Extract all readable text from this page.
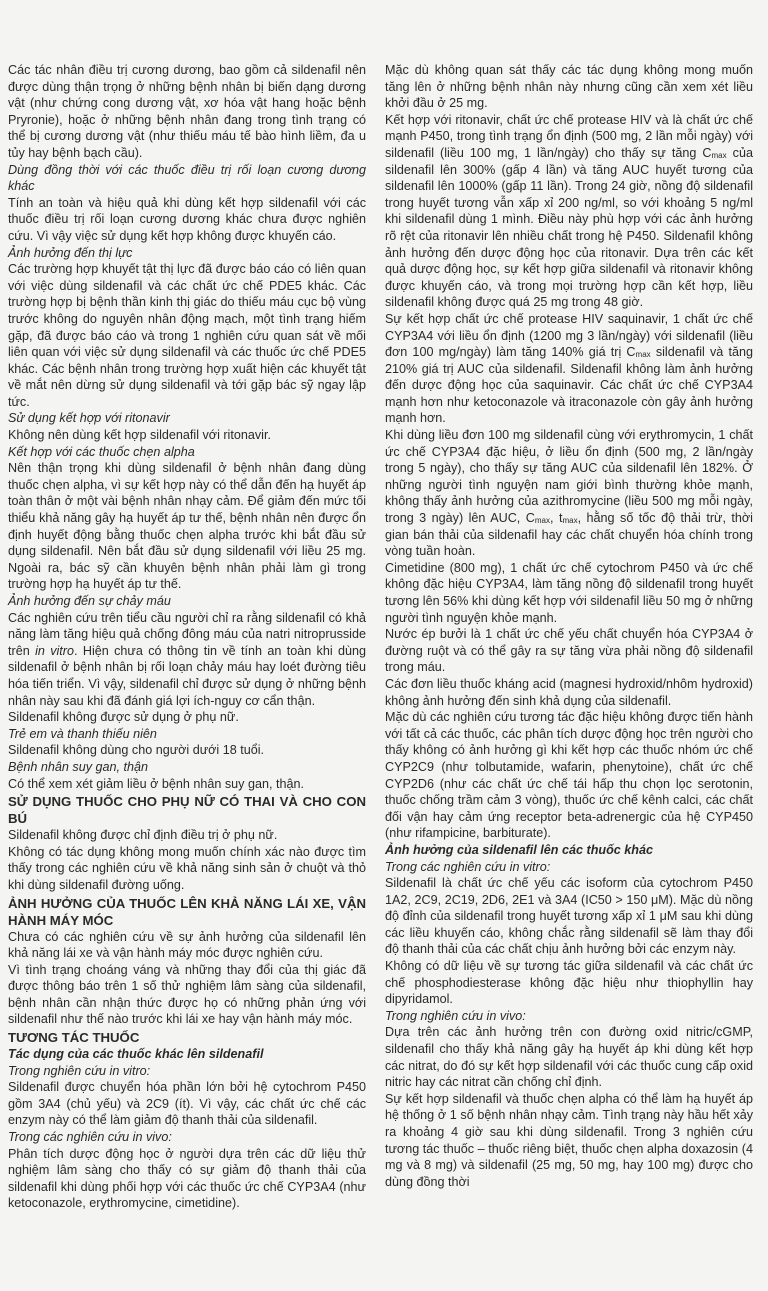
Các tác nhân điều trị cương dương, bao gồm cả sildenafil nên được dùng thận trọng ở những bệnh nhân bị biến dạng dương vật (như chứng cong dương vật, xơ hóa vật hang hoặc bệnh Pryronie), hoặc ở những bệnh nhân đang trong tình trạng có thể bị cương dương vật (như thiếu máu tế bào hình liềm, đa u tủy hay bệnh bạch cầu).

Dùng đồng thời với các thuốc điều trị rối loạn cương dương khác

Tính an toàn và hiệu quả khi dùng kết hợp sildenafil với các thuốc điều trị rối loạn cương dương khác chưa được nghiên cứu. Vì vậy việc sử dụng kết hợp không được khuyến cáo.

Ảnh hưởng đến thị lực

Các trường hợp khuyết tật thị lực đã được báo cáo có liên quan với việc dùng sildenafil và các chất ức chế PDE5 khác. Các trường hợp bị bệnh thần kinh thị giác do thiếu máu cục bộ vùng trước không do nguyên nhân động mạch, một tình trạng hiếm gặp, đã được báo cáo và trong 1 nghiên cứu quan sát về mối liên quan với việc sử dụng sildenafil và các thuốc ức chế PDE5 khác. Các bệnh nhân trong trường hợp xuất hiện các khuyết tật về mắt nên dừng sử dụng sildenafil và tới gặp bác sỹ ngay lập tức.

Sử dụng kết hợp với ritonavir

Không nên dùng kết hợp sildenafil với ritonavir.

Kết hợp với các thuốc chẹn alpha

Nên thận trọng khi dùng sildenafil ở bệnh nhân đang dùng thuốc chẹn alpha, vì sự kết hợp này có thể dẫn đến hạ huyết áp toàn thân ở một vài bệnh nhân nhạy cảm. Để giảm đến mức tối thiểu khả năng gây hạ huyết áp tư thế, bệnh nhân nên được ổn định huyết động bằng thuốc chẹn alpha trước khi bắt đầu sử dụng sildenafil. Nên bắt đầu sử dụng sildenafil với liều 25 mg. Ngoài ra, bác sỹ cần khuyên bệnh nhân phải làm gì trong trường hợp hạ huyết áp tư thế.

Ảnh hưởng đến sự chảy máu

Các nghiên cứu trên tiểu cầu người chỉ ra rằng sildenafil có khả năng làm tăng hiệu quả chống đông máu của natri nitroprusside trên in vitro. Hiện chưa có thông tin về tính an toàn khi dùng sildenafil ở bệnh nhân bị rối loạn chảy máu hay loét đường tiêu hóa tiến triển. Vì vậy, sildenafil chỉ được sử dụng ở những bệnh nhân này sau khi đã đánh giá lợi ích-nguy cơ cẩn thận.

Sildenafil không được sử dụng ở phụ nữ.

Trẻ em và thanh thiếu niên

Sildenafil không dùng cho người dưới 18 tuổi.

Bệnh nhân suy gan, thận

Có thể xem xét giảm liều ở bệnh nhân suy gan, thận.

SỬ DỤNG THUỐC CHO PHỤ NỮ CÓ THAI VÀ CHO CON BÚ

Sildenafil không được chỉ định điều trị ở phụ nữ.

Không có tác dụng không mong muốn chính xác nào được tìm thấy trong các nghiên cứu về khả năng sinh sản ở chuột và thỏ khi dùng sildenafil đường uống.

ẢNH HƯỞNG CỦA THUỐC LÊN KHẢ NĂNG LÁI XE, VẬN HÀNH MÁY MÓC

Chưa có các nghiên cứu về sự ảnh hưởng của sildenafil lên khả năng lái xe và vận hành máy móc được nghiên cứu.

Vì tình trạng choáng váng và những thay đổi của thị giác đã được thông báo trên 1 số thử nghiệm lâm sàng của sildenafil, bệnh nhân cần nhận thức được họ có những phản ứng với sildenafil như thế nào trước khi lái xe hay vận hành máy móc.

TƯƠNG TÁC THUỐC

Tác dụng của các thuốc khác lên sildenafil

Trong nghiên cứu in vitro:

Sildenafil được chuyển hóa phần lớn bởi hệ cytochrom P450 gồm 3A4 (chủ yếu) và 2C9 (ít). Vì vậy, các chất ức chế các enzym này có thể làm giảm độ thanh thải của sildenafil.

Trong các nghiên cứu in vivo:

Phân tích dược động học ở người dựa trên các dữ liệu thử nghiệm lâm sàng cho thấy có sự giảm độ thanh thải của sildenafil khi dùng phối hợp với các thuốc ức chế CYP3A4 (như ketoconazole, erythromycine, cimetidine).

Mặc dù không quan sát thấy các tác dụng không mong muốn tăng lên ở những bệnh nhân này nhưng cũng cần xem xét liều khởi đầu ở 25 mg.

Kết hợp với ritonavir, chất ức chế protease HIV và là chất ức chế mạnh P450, trong tình trạng ổn định (500 mg, 2 lần mỗi ngày) với sildenafil (liều 100 mg, 1 lần/ngày) cho thấy sự tăng $C_{max}$ của sildenafil lên 300% (gấp 4 lần) và tăng AUC huyết tương của sildenafil lên 1000% (gấp 11 lần). Trong 24 giờ, nồng độ sildenafil trong huyết tương vẫn xấp xỉ 200 ng/ml, so với khoảng 5 ng/ml khi sildenafil dùng 1 mình. Điều này phù hợp với các ảnh hưởng rõ rệt của ritonavir lên nhiều chất trong hệ P450. Sildenafil không ảnh hưởng đến dược động học của ritonavir. Dựa trên các kết quả dược động học, sự kết hợp giữa sildenafil và ritonavir không được khuyến cáo, và trong mọi trường hợp cần kết hợp, liều sildenafil không được quá 25 mg trong 48 giờ.

Sự kết hợp chất ức chế protease HIV saquinavir, 1 chất ức chế CYP3A4 với liều ổn định (1200 mg 3 lần/ngày) với sildenafil (liều đơn 100 mg/ngày) làm tăng 140% giá trị $C_{max}$ sildenafil và tăng 210% giá trị AUC của sildenafil. Sildenafil không làm ảnh hưởng đến dược động học của saquinavir. Các chất ức chế CYP3A4 mạnh hơn như ketoconazole và itraconazole còn gây ảnh hưởng mạnh hơn.

Khi dùng liều đơn 100 mg sildenafil cùng với erythromycin, 1 chất ức chế CYP3A4 đặc hiệu, ở liều ổn định (500 mg, 2 lần/ngày trong 5 ngày), cho thấy sự tăng AUC của sildenafil lên 182%. Ở những người tình nguyện nam giới bình thường khỏe mạnh, không thấy ảnh hưởng của azithromycine (liều 500 mg mỗi ngày, trong 3 ngày) lên AUC, $C_{max}$, $t_{max}$, hằng số tốc độ thải trừ, thời gian bán thải của sildenafil hay các chất chuyển hóa chính trong vòng tuần hoàn.

Cimetidine (800 mg), 1 chất ức chế cytochrom P450 và ức chế không đặc hiệu CYP3A4, làm tăng nồng độ sildenafil trong huyết tương lên 56% khi dùng kết hợp với sildenafil liều 50 mg ở những người tình nguyện khỏe mạnh.

Nước ép bưởi là 1 chất ức chế yếu chất chuyển hóa CYP3A4 ở đường ruột và có thể gây ra sự tăng vừa phải nồng độ sildenafil trong máu.

Các đơn liều thuốc kháng acid (magnesi hydroxid/nhôm hydroxid) không ảnh hưởng đến sinh khả dụng của sildenafil.

Mặc dù các nghiên cứu tương tác đặc hiệu không được tiến hành với tất cả các thuốc, các phân tích dược động học trên người cho thấy không có ảnh hưởng gì khi kết hợp các thuốc nhóm ức chế CYP2C9 (như tolbutamide, wafarin, phenytoine), chất ức chế CYP2D6 (như các chất ức chế tái hấp thu chọn lọc serotonin, thuốc chống trầm cảm 3 vòng), thuốc ức chế kênh calci, các chất đối vận hay cảm ứng receptor beta-adrenergic của hệ CYP450 (như rifampicine, barbiturate).

Ảnh hưởng của sildenafil lên các thuốc khác

Trong các nghiên cứu in vitro:

Sildenafil là chất ức chế yếu các isoform của cytochrom P450 1A2, 2C9, 2C19, 2D6, 2E1 và 3A4 (IC50 > 150 μM). Mặc dù nồng độ đỉnh của sildenafil trong huyết tương xấp xỉ 1 μM sau khi dùng các liều khuyến cáo, không chắc rằng sildenafil sẽ làm thay đổi độ thanh thải của các chất chịu ảnh hưởng bởi các enzym này.

Không có dữ liệu về sự tương tác giữa sildenafil và các chất ức chế phosphodiesterase không đặc hiệu như thiophyllin hay dipyridamol.

Trong nghiên cứu in vivo:

Dựa trên các ảnh hưởng trên con đường oxid nitric/cGMP, sildenafil cho thấy khả năng gây hạ huyết áp khi dùng kết hợp các nitrat, do đó sự kết hợp sildenafil với các thuốc cung cấp oxid nitric hay các nitrat cần chống chỉ định.

Sự kết hợp sildenafil và thuốc chẹn alpha có thể làm hạ huyết áp hệ thống ở 1 số bệnh nhân nhạy cảm. Tình trạng này hầu hết xảy ra khoảng 4 giờ sau khi dùng sildenafil. Trong 3 nghiên cứu tương tác thuốc – thuốc riêng biệt, thuốc chẹn alpha doxazosin (4 mg và 8 mg) và sildenafil (25 mg, 50 mg, hay 100 mg) được cho dùng đồng thời
